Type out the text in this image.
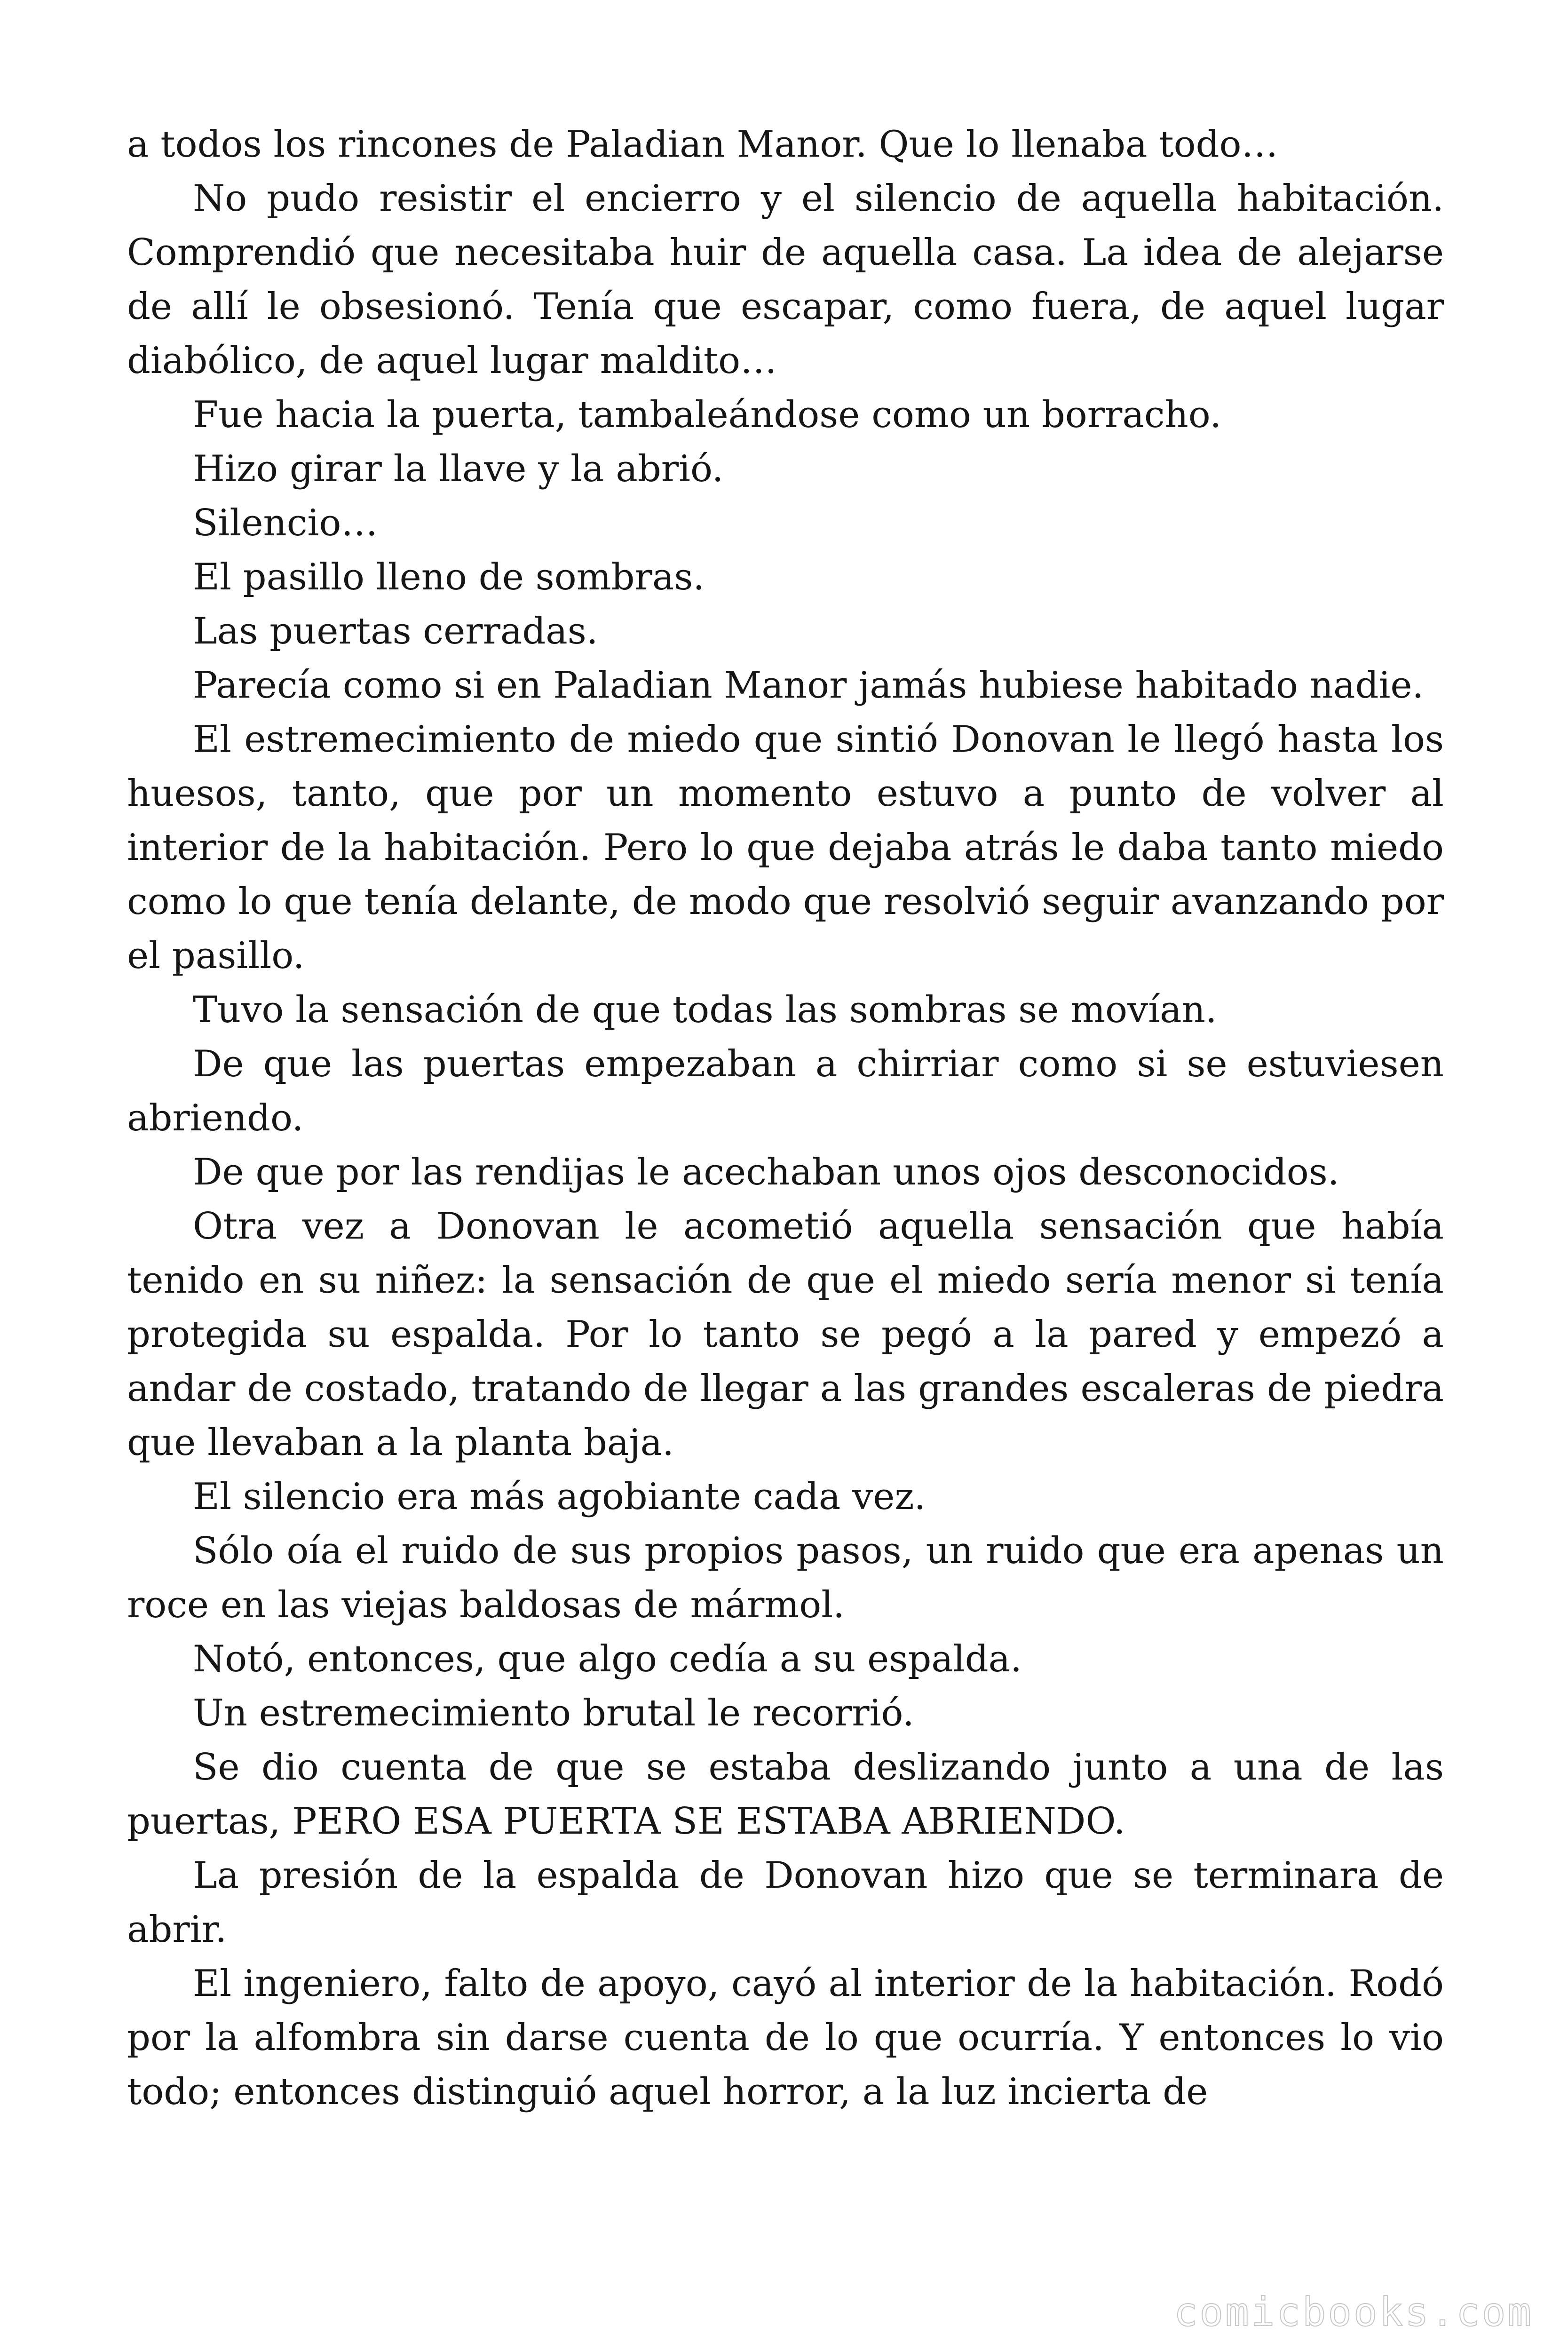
a todos los rincones de Paladian Manor. Que lo llenaba todo…

No pudo resistir el encierro y el silencio de aquella habitación. Comprendió que necesitaba huir de aquella casa. La idea de alejarse de allí le obsesionó. Tenía que escapar, como fuera, de aquel lugar diabólico, de aquel lugar maldito…

Fue hacia la puerta, tambaleándose como un borracho.

Hizo girar la llave y la abrió.

Silencio…

El pasillo lleno de sombras.

Las puertas cerradas.

Parecía como si en Paladian Manor jamás hubiese habitado nadie.

El estremecimiento de miedo que sintió Donovan le llegó hasta los huesos, tanto, que por un momento estuvo a punto de volver al interior de la habitación. Pero lo que dejaba atrás le daba tanto miedo como lo que tenía delante, de modo que resolvió seguir avanzando por el pasillo.

Tuvo la sensación de que todas las sombras se movían.

De que las puertas empezaban a chirriar como si se estuviesen abriendo.

De que por las rendijas le acechaban unos ojos desconocidos.

Otra vez a Donovan le acometió aquella sensación que había tenido en su niñez: la sensación de que el miedo sería menor si tenía protegida su espalda. Por lo tanto se pegó a la pared y empezó a andar de costado, tratando de llegar a las grandes escaleras de piedra que llevaban a la planta baja.

El silencio era más agobiante cada vez.

Sólo oía el ruido de sus propios pasos, un ruido que era apenas un roce en las viejas baldosas de mármol.

Notó, entonces, que algo cedía a su espalda.

Un estremecimiento brutal le recorrió.

Se dio cuenta de que se estaba deslizando junto a una de las puertas, PERO ESA PUERTA SE ESTABA ABRIENDO.

La presión de la espalda de Donovan hizo que se terminara de abrir.

El ingeniero, falto de apoyo, cayó al interior de la habitación. Rodó por la alfombra sin darse cuenta de lo que ocurría. Y entonces lo vio todo; entonces distinguió aquel horror, a la luz incierta de

comicbooks.com
